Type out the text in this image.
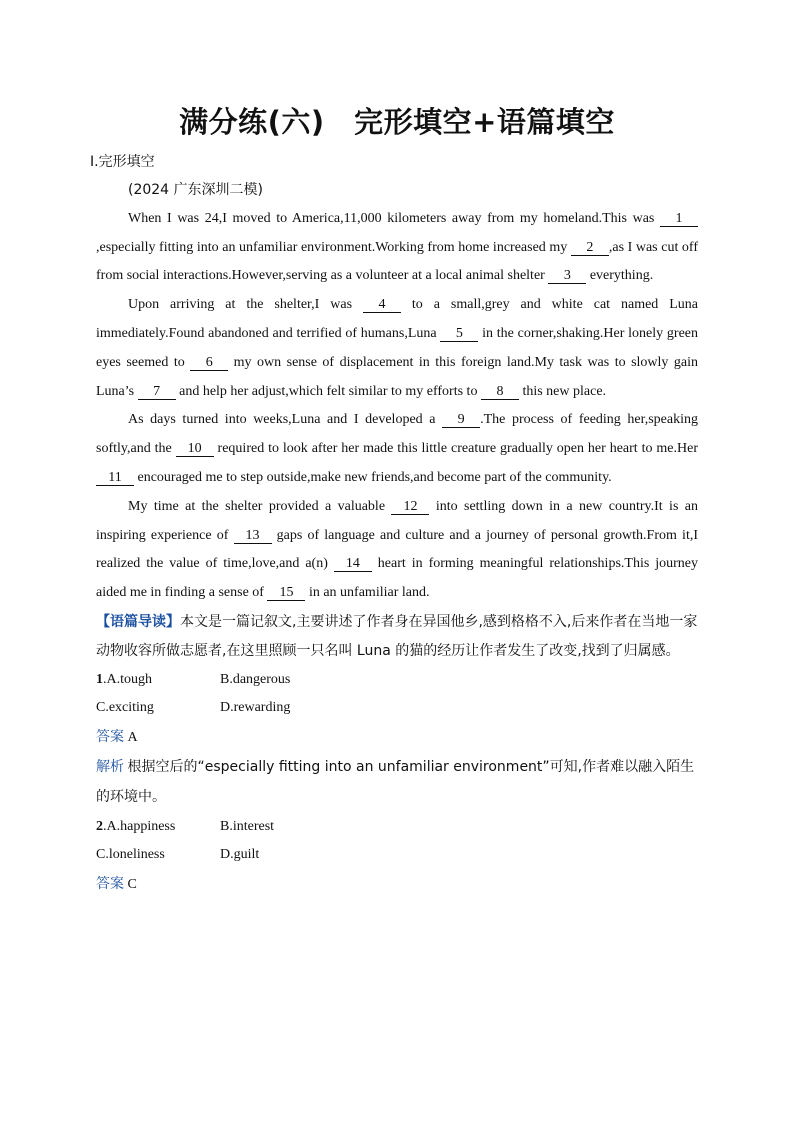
满分练(六)　完形填空+语篇填空
Ⅰ.完形填空

(2024 广东深圳二模)

When I was 24,I moved to America,11,000 kilometers away from my homeland.This was 1,especially fitting into an unfamiliar environment.Working from home increased my 2 ,as I was cut off from social interactions.However,serving as a volunteer at a local animal shelter 3 everything.

Upon arriving at the shelter,I was 4 to a small,grey and white cat named Luna immediately.Found abandoned and terrified of humans,Luna 5 in the corner,shaking.Her lonely green eyes seemed to 6 my own sense of displacement in this foreign land.My task was to slowly gain Luna’s 7 and help her adjust,which felt similar to my efforts to 8 this new place.

As days turned into weeks,Luna and I developed a 9 .The process of feeding her,speaking softly,and the 10 required to look after her made this little creature gradually open her heart to me.Her 11 encouraged me to step outside,make new friends,and become part of the community.

My time at the shelter provided a valuable 12 into settling down in a new country.It is an inspiring experience of 13 gaps of language and culture and a journey of personal growth.From it,I realized the value of time,love,and a(n) 14 heart in forming meaningful relationships.This journey aided me in finding a sense of 15 in an unfamiliar land.

【语篇导读】本文是一篇记叙文,主要讲述了作者身在异国他乡,感到格格不入,后来作者在当地一家动物收容所做志愿者,在这里照顾一只名叫 Luna 的猫的经历让作者发生了改变,找到了归属感。

1.A.tough	B.dangerous
C.exciting	D.rewarding

答案 A

解析 根据空后的“especially fitting into an unfamiliar environment”可知,作者难以融入陌生的环境中。

2.A.happiness	B.interest
C.loneliness	D.guilt

答案 C
